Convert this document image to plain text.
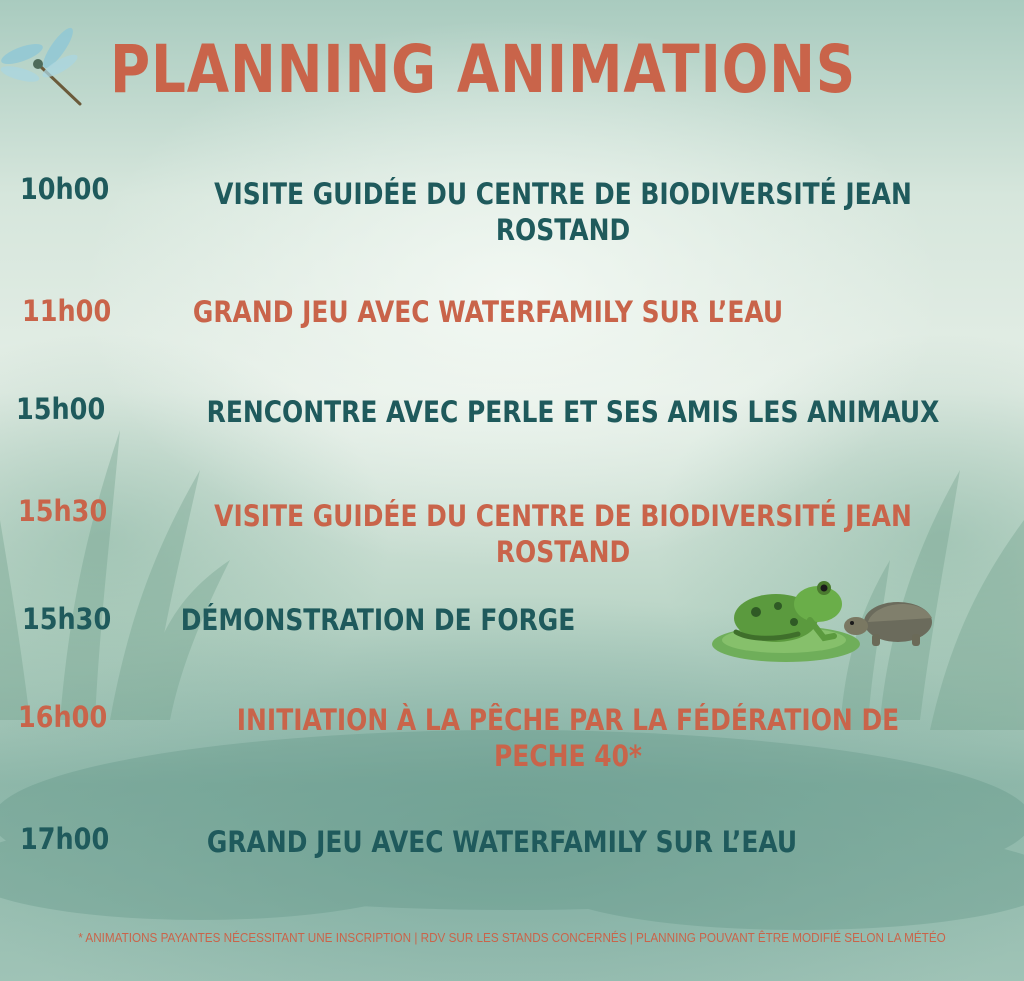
PLANNING ANIMATIONS
10h00	VISITE GUIDÉE DU CENTRE DE BIODIVERSITÉ JEAN ROSTAND
11h00	GRAND JEU AVEC WATERFAMILY SUR L’EAU
15h00	RENCONTRE AVEC PERLE ET SES AMIS LES ANIMAUX
15h30	VISITE GUIDÉE DU CENTRE DE BIODIVERSITÉ JEAN ROSTAND
15h30	DÉMONSTRATION DE FORGE
16h00	INITIATION À LA PÊCHE PAR LA FÉDÉRATION DE PECHE 40*
17h00	GRAND JEU AVEC WATERFAMILY SUR L’EAU
* ANIMATIONS PAYANTES NÉCESSITANT UNE INSCRIPTION | RDV SUR LES STANDS CONCERNÉS | PLANNING POUVANT ÊTRE MODIFIÉ SELON LA MÉTÉO
